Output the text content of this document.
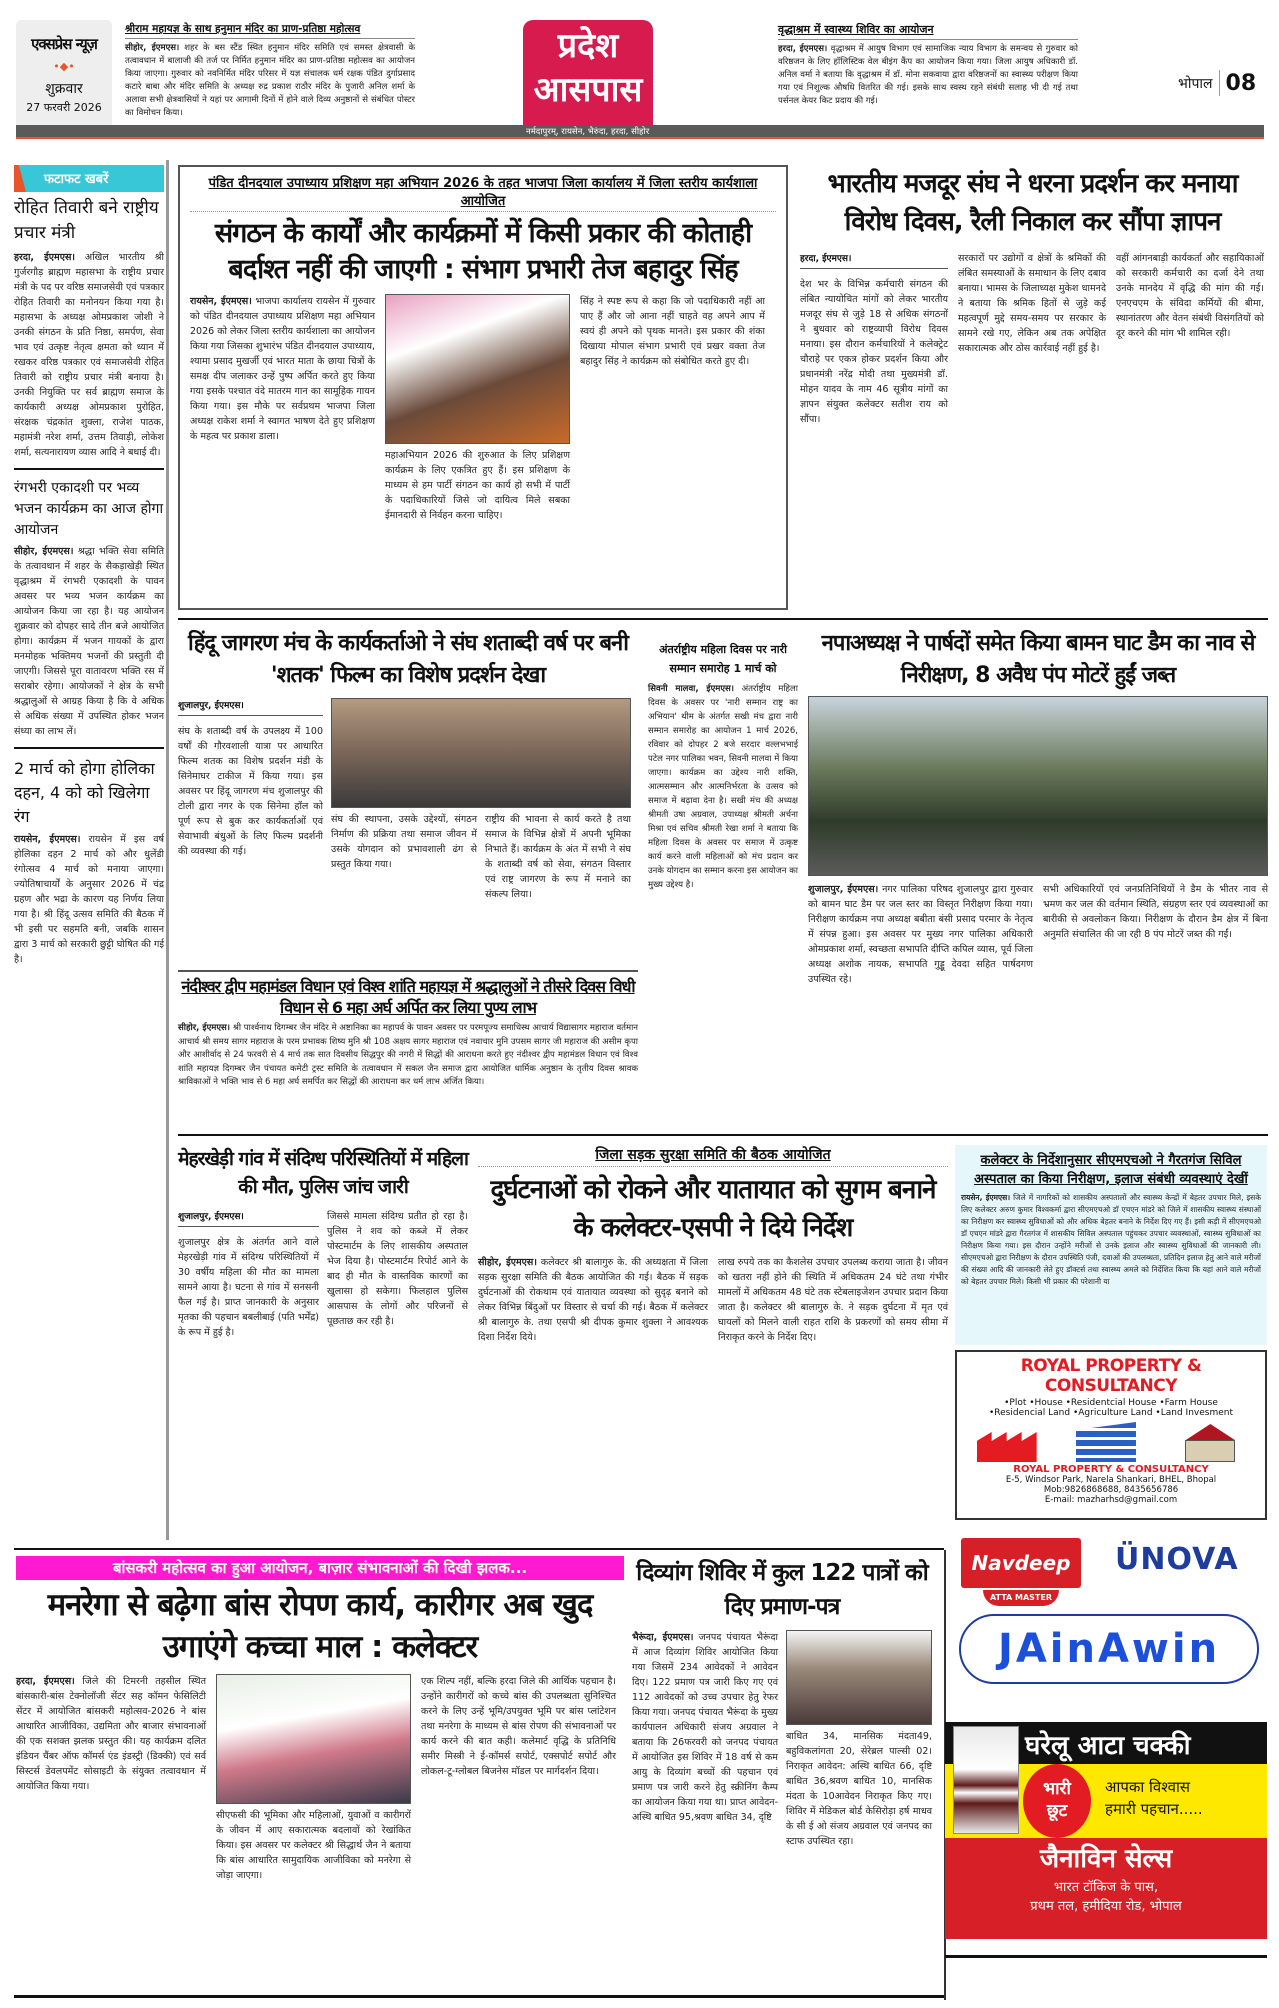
एक्सप्रेस न्यूज़
•◆•
शुक्रवार
27 फरवरी 2026
श्रीराम महायज्ञ के साथ हनुमान मंदिर का प्राण-प्रतिष्ठा महोत्सव
सीहोर, ईएमएस। शहर के बस स्टैंड स्थित हनुमान मंदिर समिति एवं समस्त क्षेत्रवासी के तत्वावधान में बालाजी की तर्ज पर निर्मित हनुमान मंदिर का प्राण-प्रतिष्ठा महोत्सव का आयोजन किया जाएगा। गुरुवार को नवनिर्मित मंदिर परिसर में यज्ञ संचालक धर्म रक्षक पंडित दुर्गाप्रसाद कटारे बाबा और मंदिर समिति के अध्यक्ष रुद्र प्रकाश राठौर मंदिर के पुजारी अनिल शर्मा के अलावा सभी क्षेत्रवासियों ने यहां पर आगामी दिनों में होने वाले दिव्य अनुष्ठानों से संबंधित पोस्टर का विमोचन किया।
प्रदेश
आसपास
वृद्धाश्रम में स्वास्थ्य शिविर का आयोजन
हरदा, ईएमएस। वृद्धाश्रम में आयुष विभाग एवं सामाजिक न्याय विभाग के समन्वय से गुरुवार को वरिष्ठजन के लिए हॉलिस्टिक वेल बीइंग कैंप का आयोजन किया गया। जिला आयुष अधिकारी डॉ. अनिल वर्मा ने बताया कि वृद्धाश्रम में डॉ. मोना सकवाया द्वारा वरिष्ठजनों का स्वास्थ्य परीक्षण किया गया एवं निशुल्क औषधि वितरित की गई। इसके साथ स्वस्थ रहने संबंधी सलाह भी दी गई तथा पर्सनल केयर किट प्रदाय की गई।
भोपाल 08
नर्मदापुरम्, रायसेन, भैरुंदा, हरदा, सीहोर
फटाफट खबरें
रोहित तिवारी बने राष्ट्रीय प्रचार मंत्री
हरदा, ईएमएस। अखिल भारतीय श्री गुर्जरगौड़ ब्राह्मण महासभा के राष्ट्रीय प्रचार मंत्री के पद पर वरिष्ठ समाजसेवी एवं पत्रकार रोहित तिवारी का मनोनयन किया गया है।महासभा के अध्यक्ष ओमप्रकाश जोशी ने उनकी संगठन के प्रति निष्ठा, समर्पण, सेवा भाव एवं उत्कृष्ट नेतृत्व क्षमता को ध्यान में रखकर वरिष्ठ पत्रकार एवं समाजसेवी रोहित तिवारी को राष्ट्रीय प्रचार मंत्री बनाया है। उनकी नियुक्ति पर सर्व ब्राह्मण समाज के कार्यकारी अध्यक्ष ओमप्रकाश पुरोहित, संरक्षक चंद्रकांत शुक्ला, राजेश पाठक, महामंत्री नरेश शर्मा, उत्तम तिवाड़ी, लोकेश शर्मा, सत्यनारायण व्यास आदि ने बधाई दी।
रंगभरी एकादशी पर भव्य भजन कार्यक्रम का आज होगा आयोजन
सीहोर, ईएमएस। श्रद्धा भक्ति सेवा समिति के तत्वावधान में शहर के सैकड़ाखेड़ी स्थित वृद्धाश्रम में रंगभरी एकादशी के पावन अवसर पर भव्य भजन कार्यक्रम का आयोजन किया जा रहा है। यह आयोजन शुक्रवार को दोपहर सादे तीन बजे आयोजित होगा। कार्यक्रम में भजन गायकों के द्वारा मनमोहक भक्तिमय भजनों की प्रस्तुती दी जाएगी। जिससे पूरा वातावरण भक्ति रस में सराबोर रहेगा। आयोजकों ने क्षेत्र के सभी श्रद्धालुओं से आग्रह किया है कि वे अधिक से अधिक संख्या में उपस्थित होकर भजन संध्या का लाभ लें।
2 मार्च को होगा होलिका दहन, 4 को को खिलेगा रंग
रायसेन, ईएमएस। रायसेन में इस वर्ष होलिका दहन 2 मार्च को और धुलेंडी रंगोत्सव 4 मार्च को मनाया जाएगा। ज्योतिषाचार्यों के अनुसार 2026 में चंद्र ग्रहण और भद्रा के कारण यह निर्णय लिया गया है। श्री हिंदू उत्सव समिति की बैठक में भी इसी पर सहमति बनी, जबकि शासन द्वारा 3 मार्च को सरकारी छुट्टी घोषित की गई है।
पंडित दीनदयाल उपाध्याय प्रशिक्षण महा अभियान 2026 के तहत भाजपा जिला कार्यालय में जिला स्तरीय कार्यशाला आयोजित
संगठन के कार्यों और कार्यक्रमों में किसी प्रकार की कोताही बर्दाश्त नहीं की जाएगी : संभाग प्रभारी तेज बहादुर सिंह
रायसेन, ईएमएस। भाजपा कार्यालय रायसेन में गुरुवार को पंडित दीनदयाल उपाध्याय प्रशिक्षण महा अभियान 2026 को लेकर जिला स्तरीय कार्यशाला का आयोजन किया गया जिसका शुभारंभ पंडित दीनदयाल उपाध्याय, श्यामा प्रसाद मुखर्जी एवं भारत माता के छाया चित्रों के समक्ष दीप जलाकर उन्हें पुष्प अर्पित करते हुए किया गया इसके पश्चात वंदे मातरम गान का सामूहिक गायन किया गया। इस मौके पर सर्वप्रथम भाजपा जिला अध्यक्ष राकेश शर्मा ने स्वागत भाषण देते हुए प्रशिक्षण के महत्व पर प्रकाश डाला।
महाअभियान 2026 की शुरुआत के लिए प्रशिक्षण कार्यक्रम के लिए एकत्रित हुए हैं। इस प्रशिक्षण के माध्यम से हम पार्टी संगठन का कार्य हो सभी में पार्टी के पदाधिकारियों जिसे जो दायित्व मिले सबका ईमानदारी से निर्वहन करना चाहिए।
सिंह ने स्पष्ट रूप से कहा कि जो पदाधिकारी नहीं आ पाए हैं और जो आना नहीं चाहते वह अपने आप में स्वयं ही अपने को पृथक मानते। इस प्रकार की शंका दिखाया मोपाल संभाग प्रभारी एवं प्रखर वक्ता तेज बहादुर सिंह ने कार्यक्रम को संबोधित करते हुए दी।
भारतीय मजदूर संघ ने धरना प्रदर्शन कर मनाया विरोध दिवस, रैली निकाल कर सौंपा ज्ञापन
हरदा, ईएमएस।
देश भर के विभिन्न कर्मचारी संगठन की लंबित न्यायोचित मांगों को लेकर भारतीय मजदूर संघ से जुड़े 18 से अधिक संगठनों ने बुधवार को राष्ट्रव्यापी विरोध दिवस मनाया। इस दौरान कर्मचारियों ने कलेक्ट्रेट चौराहे पर एकत्र होकर प्रदर्शन किया और प्रधानमंत्री नरेंद्र मोदी तथा मुख्यमंत्री डॉ. मोहन यादव के नाम 46 सूत्रीय मांगों का ज्ञापन संयुक्त कलेक्टर सतीश राय को सौंपा।
सरकारों पर उद्योगों व क्षेत्रों के श्रमिकों की लंबित समस्याओं के समाधान के लिए दबाव बनाया। भामस के जिलाध्यक्ष मुकेश धामनदे ने बताया कि श्रमिक हितों से जुड़े कई महत्वपूर्ण मुद्दे समय-समय पर सरकार के सामने रखे गए, लेकिन अब तक अपेक्षित सकारात्मक और ठोस कार्रवाई नहीं हुई है।
वहीं आंगनबाड़ी कार्यकर्ता और सहायिकाओं को सरकारी कर्मचारी का दर्जा देने तथा उनके मानदेय में वृद्धि की मांग की गई। एनएचएम के संविदा कर्मियों की बीमा, स्थानांतरण और वेतन संबंधी विसंगतियों को दूर करने की मांग भी शामिल रही।
हिंदू जागरण मंच के कार्यकर्ताओ ने संघ शताब्दी वर्ष पर बनी 'शतक' फिल्म का विशेष प्रदर्शन देखा
शुजालपुर, ईएमएस।
संघ के शताब्दी वर्ष के उपलक्ष्य में 100 वर्षों की गौरवशाली यात्रा पर आधारित फिल्म शतक का विशेष प्रदर्शन मंडी के सिनेमाघर टाकीज में किया गया। इस अवसर पर हिंदू जागरण मंच शुजालपुर की टोली द्वारा नगर के एक सिनेमा हॉल को पूर्ण रूप से बुक कर कार्यकर्ताओं एवं सेवाभावी बंधुओं के लिए फिल्म प्रदर्शनी की व्यवस्था की गई।
संघ की स्थापना, उसके उद्देश्यों, संगठन निर्माण की प्रक्रिया तथा समाज जीवन में उसके योगदान को प्रभावशाली ढंग से प्रस्तुत किया गया।
राष्ट्रीय की भावना से कार्य करते है तथा समाज के विभिन्न क्षेत्रों में अपनी भूमिका निभाते हैं। कार्यक्रम के अंत में सभी ने संघ के शताब्दी वर्ष को सेवा, संगठन विस्तार एवं राष्ट्र जागरण के रूप में मनाने का संकल्प लिया।
अंतर्राष्ट्रीय महिला दिवस पर नारी सम्मान समारोह 1 मार्च को
सिवनी मालवा, ईएमएस। अंतर्राष्ट्रीय महिला दिवस के अवसर पर 'नारी सम्मान राष्ट्र का अभियान' थीम के अंतर्गत सखी मंच द्वारा नारी सम्मान समारोह का आयोजन 1 मार्च 2026, रविवार को दोपहर 2 बजे सरदार वल्लभभाई पटेल नगर पालिका भवन, सिवनी मालवा में किया जाएगा। कार्यक्रम का उद्देश्य नारी शक्ति, आत्मसम्मान और आत्मनिर्भरता के उत्सव को समाज में बढ़ावा देना है। सखी मंच की अध्यक्ष श्रीमती उषा अग्रवाल, उपाध्यक्ष श्रीमती अर्चना मिश्रा एवं सचिव श्रीमती रेखा शर्मा ने बताया कि महिला दिवस के अवसर पर समाज में उत्कृष्ट कार्य करने वाली महिलाओं को मंच प्रदान कर उनके योगदान का सम्मान करना इस आयोजन का मुख्य उद्देश्य है।
नपाअध्यक्ष ने पार्षदों समेत किया बामन घाट डैम का नाव से निरीक्षण, 8 अवैध पंप मोटरें हुईं जब्त
शुजालपुर, ईएमएस। नगर पालिका परिषद शुजालपुर द्वारा गुरुवार को बामन घाट डैम पर जल स्तर का विस्तृत निरीक्षण किया गया। निरीक्षण कार्यक्रम नपा अध्यक्ष बबीता बंसी प्रसाद परमार के नेतृत्व में संपन्न हुआ। इस अवसर पर मुख्य नगर पालिका अधिकारी ओमप्रकाश शर्मा, स्वच्छता सभापति दीप्ति कपिल व्यास, पूर्व जिला अध्यक्ष अशोक नायक, सभापति गुड्डू देवदा सहित पार्षदगण उपस्थित रहे।
सभी अधिकारियों एवं जनप्रतिनिधियों ने डैम के भीतर नाव से भ्रमण कर जल की वर्तमान स्थिति, संग्रहण स्तर एवं व्यवस्थाओं का बारीकी से अवलोकन किया। निरीक्षण के दौरान डैम क्षेत्र में बिना अनुमति संचालित की जा रही 8 पंप मोटरें जब्त की गईं।
नंदीश्वर द्वीप महामंडल विधान एवं विश्व शांति महायज्ञ में श्रद्धालुओं ने तीसरे दिवस विधी विधान से 6 महा अर्घ अर्पित कर लिया पुण्य लाभ
सीहोर, ईएमएस। श्री पार्श्वनाथ दिगम्बर जैन मंदिर मे अष्टानिका का महापर्व के पावन अवसर पर परमपूज्य समाधिस्थ आचार्य विद्यासागर महाराज वर्तमान आचार्य श्री समय सागर महाराज के परम प्रभावक शिष्य मुनि श्री 108 अक्षय सागर महाराज एवं नवाचार मुनि उपसम सागर जी महाराज की असीम कृपा और आशीर्वाद से 24 फरवरी से 4 मार्च तक सात दिवसीय सिद्धपुर की नगरी में सिद्धों की आराधना करते हुए नंदीश्वर द्वीप महामंडल विधान एवं विश्व शांति महायज्ञ दिगम्बर जैन पंचायत कमेटी ट्रस्ट समिति के तत्वावधान में सकल जैन समाज द्वारा आयोजित धार्मिक अनुष्ठान के तृतीय दिवस श्रावक श्राविकाओं ने भक्ति भाव से 6 महा अर्घ समर्पित कर सिद्धों की आराधना कर धर्म लाभ अर्जित किया।
मेहरखेड़ी गांव में संदिग्ध परिस्थितियों में महिला की मौत, पुलिस जांच जारी
शुजालपुर, ईएमएस।
शुजालपुर क्षेत्र के अंतर्गत आने वाले मेहरखेड़ी गांव में संदिग्ध परिस्थितियों में 30 वर्षीय महिला की मौत का मामला सामने आया है। घटना से गांव में सनसनी फैल गई है। प्राप्त जानकारी के अनुसार मृतका की पहचान बबलीबाई (पति भर्मेंद्र) के रूप में हुई है।
जिससे मामला संदिग्ध प्रतीत हो रहा है। पुलिस ने शव को कब्जे में लेकर पोस्टमार्टम के लिए शासकीय अस्पताल भेज दिया है। पोस्टमार्टम रिपोर्ट आने के बाद ही मौत के वास्तविक कारणों का खुलासा हो सकेगा। फिलहाल पुलिस आसपास के लोगों और परिजनों से पूछताछ कर रही है।
जिला सड़क सुरक्षा समिति की बैठक आयोजित
दुर्घटनाओं को रोकने और यातायात को सुगम बनाने के कलेक्टर-एसपी ने दिये निर्देश
सीहोर, ईएमएस। कलेक्टर श्री बालागुरु के. की अध्यक्षता में जिला सड़क सुरक्षा समिति की बैठक आयोजित की गई। बैठक में सड़क दुर्घटनाओं की रोकथाम एवं यातायात व्यवस्था को सुदृढ़ बनाने को लेकर विभिन्न बिंदुओं पर विस्तार से चर्चा की गई। बैठक में कलेक्टर श्री बालागुरु के. तथा एसपी श्री दीपक कुमार शुक्ला ने आवश्यक दिशा निर्देश दिये।
लाख रुपये तक का कैशलेस उपचार उपलब्ध कराया जाता है। जीवन को खतरा नहीं होने की स्थिति में अधिकतम 24 घंटे तथा गंभीर मामलों में अधिकतम 48 घंटे तक स्टेबलाइजेशन उपचार प्रदान किया जाता है। कलेक्टर श्री बालागुरु के. ने सड़क दुर्घटना में मृत एवं घायलों को मिलने वाली राहत राशि के प्रकरणों को समय सीमा में निराकृत करने के निर्देश दिए।
कलेक्टर के निर्देशानुसार सीएमएचओ ने गैरतगंज सिविल अस्पताल का किया निरीक्षण, इलाज संबंधी व्यवस्थाएं देखीं
रायसेन, ईएमएस। जिले में नागरिकों को शासकीय अस्पतालों और स्वास्थ्य केन्द्रों में बेहतर उपचार मिले, इसके लिए कलेक्टर अरुण कुमार विश्वकर्मा द्वारा सीएमएचओ डॉ एचएन मांडरे को जिले में शासकीय स्वास्थ्य संस्थाओं का निरीक्षण कर स्वास्थ्य सुविधाओं को और अधिक बेहतर बनाने के निर्देश दिए गए हैं। इसी कड़ी में सीएमएचओ डॉ एचएन मांडरे द्वारा गैरतगंज में शासकीय सिविल अस्पताल पहुंचकर उपचार व्यवस्थाओं, स्वास्थ्य सुविधाओं का निरीक्षण किया गया। इस दौरान उन्होंने मरीजों से उनके इलाज और स्वास्थ्य सुविधाओं की जानकारी ली। सीएमएचओ द्वारा निरीक्षण के दौरान उपस्थिति पंजी, दवाओं की उपलब्धता, प्रतिदिन इलाज हेतु आने वाले मरीजों की संख्या आदि की जानकारी लेते हुए डॉक्टर्स तथा स्वास्थ्य अमले को निर्देशित किया कि यहां आने वाले मरीजों को बेहतर उपचार मिले। किसी भी प्रकार की परेशानी या
ROYAL PROPERTY & CONSULTANCY
•Plot •House •Residentcial House •Farm House
•Residencial Land •Agriculture Land •Land Invesment
ROYAL PROPERTY & CONSULTANCY
E-5, Windsor Park, Narela Shankari, BHEL, Bhopal
Mob:9826868688, 8435656786
E-mail: mazharhsd@gmail.com
बांसकरी महोत्सव का हुआ आयोजन, बाज़ार संभावनाओं की दिखी झलक...
मनरेगा से बढ़ेगा बांस रोपण कार्य, कारीगर अब खुद उगाएंगे कच्चा माल : कलेक्टर
हरदा, ईएमएस। जिले की टिमरनी तहसील स्थित बांसकारी-बांस टेक्नोलॉजी सेंटर सह कॉमन फेसिलिटी सेंटर में आयोजित बांसकरी महोत्सव-2026 ने बांस आधारित आजीविका, उद्यमिता और बाजार संभावनाओं की एक सशक्त झलक प्रस्तुत की। यह कार्यक्रम दलित इंडियन चैंबर ऑफ कॉमर्स एंड इंडस्ट्री (डिक्की) एवं सर्व सिस्टर्स डेवलपमेंट सोसाइटी के संयुक्त तत्वावधान में आयोजित किया गया।
सीएफसी की भूमिका और महिलाओं, युवाओं व कारीगरों के जीवन में आए सकारात्मक बदलावों को रेखांकित किया। इस अवसर पर कलेक्टर श्री सिद्धार्थ जैन ने बताया कि बांस आधारित सामुदायिक आजीविका को मनरेगा से जोड़ा जाएगा।
एक शिल्प नहीं, बल्कि हरदा जिले की आर्थिक पहचान है। उन्होंने कारीगरों को कच्चे बांस की उपलब्धता सुनिश्चित करने के लिए उन्हें भूमि/उपयुक्त भूमि पर बांस प्लांटेशन तथा मनरेगा के माध्यम से बांस रोपण की संभावनाओं पर कार्य करने की बात कही। कलेमार्ट वृद्धि के प्रतिनिधि समीर मिस्त्री ने ई-कॉमर्स सपोर्ट, एक्सपोर्ट सपोर्ट और लोकल-टू-ग्लोबल बिजनेस मॉडल पर मार्गदर्शन दिया।
दिव्यांग शिविर में कुल 122 पात्रों को दिए प्रमाण-पत्र
भैरूंदा, ईएमएस। जनपद पंचायत भैरूंदा में आज दिव्यांग शिविर आयोजित किया गया जिसमें 234 आवेदकों ने आवेदन दिए। 122 प्रमाण पत्र जारी किए गए एवं 112 आवेदकों को उच्च उपचार हेतु रेफर किया गया। जनपद पंचायत भैरूंदा के मुख्य कार्यपालन अधिकारी संजय अग्रवाल ने बताया कि 26फरवरी को जनपद पंचायत में आयोजित इस शिविर में 18 वर्ष से कम आयु के दिव्यांग बच्चों की पहचान एवं प्रमाण पत्र जारी करने हेतु स्क्रीनिंग कैम्प का आयोजन किया गया था। प्राप्त आवेदन-अस्थि बाधित 95,श्रवण बाधित 34, दृष्टि
बाधित 34, मानसिक मंदता49, बहुविकलांगता 20, सेरेब्रल पाल्सी 02। निराकृत आवेदन: अस्थि बाधित 66, दृष्टि बाधित 36,श्रवण बाधित 10, मानसिक मंदता के 10आवेदन निराकृत किए गए। शिविर में मेडिकल बोर्ड केसिरोड़ा हर्ष माधव के सी ई ओ संजय अग्रवाल एवं जनपद का स्टाफ उपस्थित रहा।
Navdeep
ATTA MASTER
ÜNOVA
JAinAwin
घरेलू आटा चक्की
भारी
छूट
आपका विश्वास
हमारी पहचान.....
जैनाविन सेल्स
भारत टॉकिज के पास,
प्रथम तल, हमीदिया रोड, भोपाल
